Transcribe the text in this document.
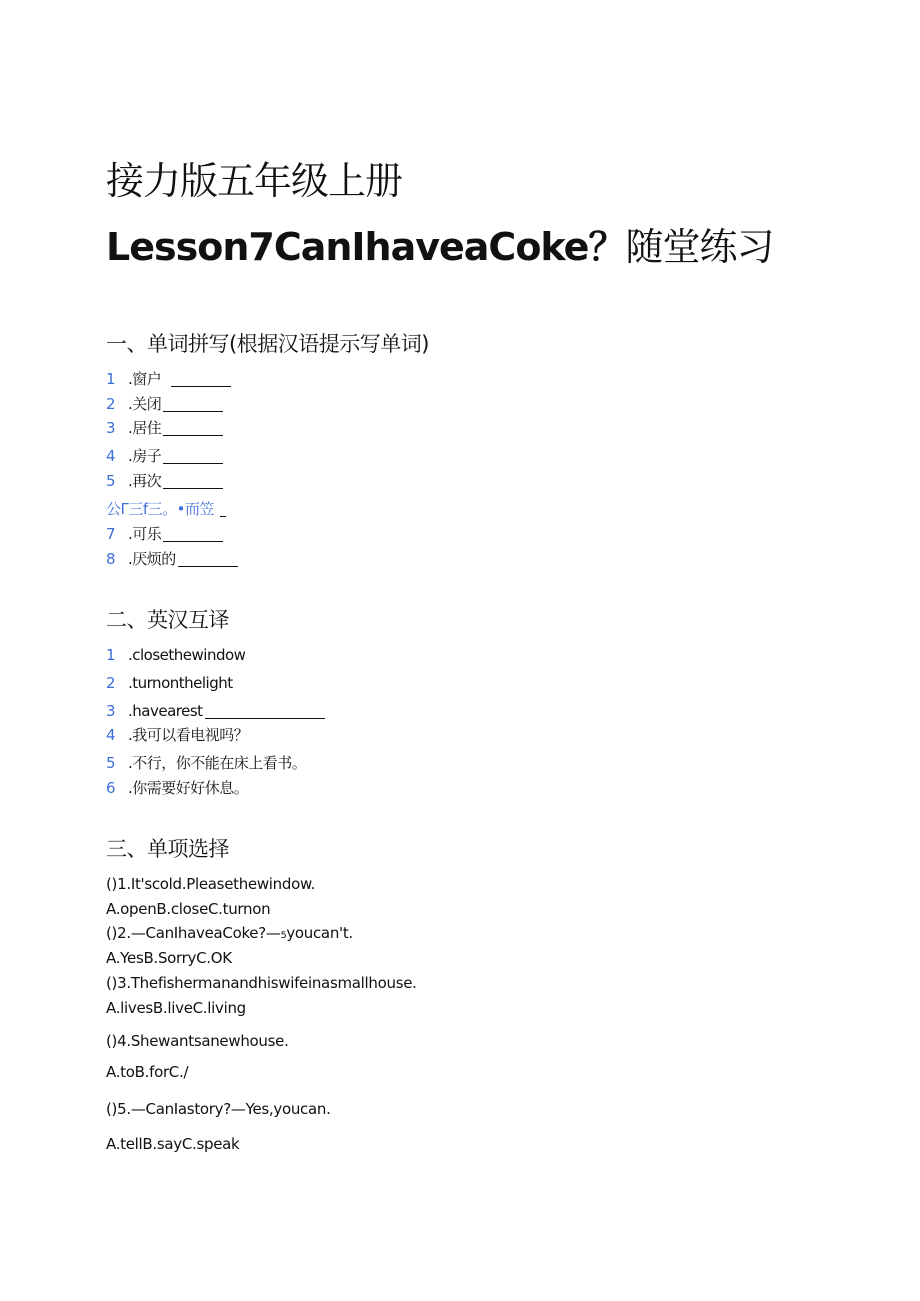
接力版五年级上册
Lesson7CanIhaveaCoke？随堂练习
一、单词拼写(根据汉语提示写单词)
1 .窗户
2 .关闭
3 .居住
4 .房子
5 .再次
公Γ三f三。•而笠
7 .可乐
8 .厌烦的
二、英汉互译
1 .closethewindow
2 .turnonthelight
3 .havearest
4 .我可以看电视吗？
5 .不行，你不能在床上看书。
6 .你需要好好休息。
三、单项选择
()1.It'scold.Pleasethewindow.
A.openB.closeC.turnon
()2.—CanIhaveaCoke?—₅youcan't.
A.YesB.SorryC.OK
()3.Thefishermanandhiswifeinasmallhouse.
A.livesB.liveC.living
()4.Shewantsanewhouse.
A.toB.forC./
()5.—CanIastory?—Yes,youcan.
A.tellB.sayC.speak
